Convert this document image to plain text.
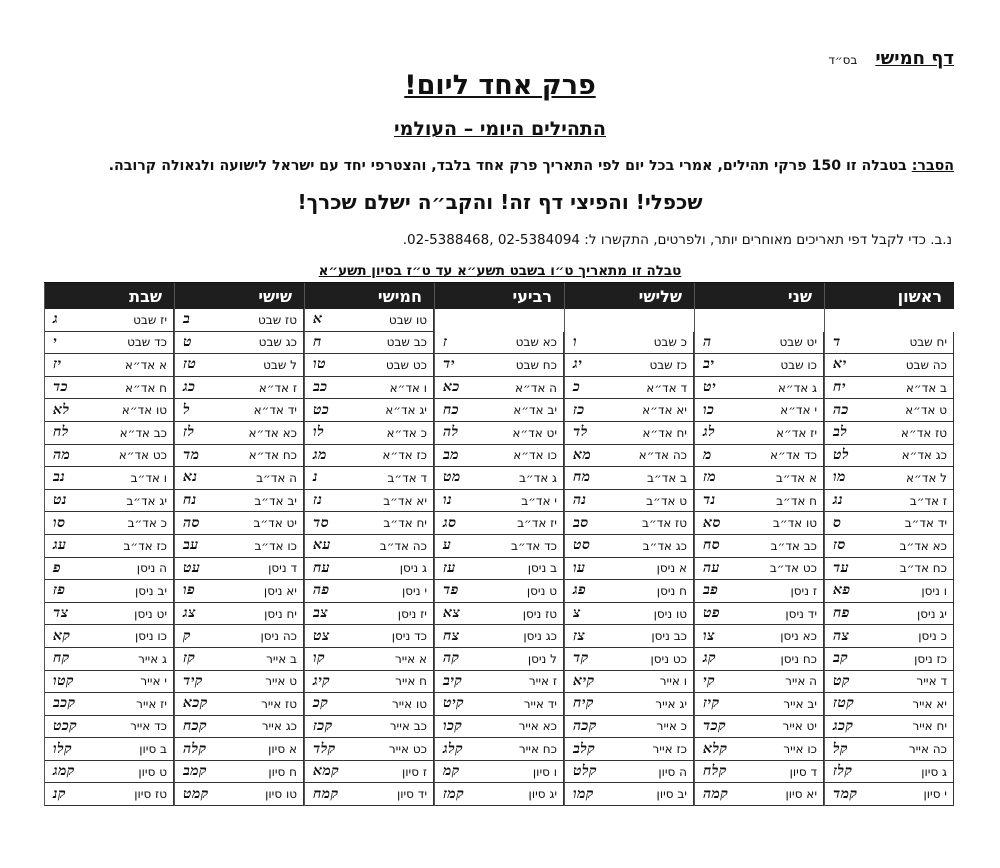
דף חמישי
בס״ד
פרק אחד ליום!
התהילים היומי – העולמי
הסבר: בטבלה זו 150 פרקי תהילים, אמרי בכל יום לפי התאריך פרק אחד בלבד, והצטרפי יחד עם ישראל לישועה ולגאולה קרובה.
שכפלי! והפיצי דף זה! והקב״ה ישלם שכרך!
נ.ב. כדי לקבל דפי תאריכים מאוחרים יותר, ולפרטים, התקשרו ל: 02-5384094 ,02-5388468.
טבלה זו מתאריך ט״ו בשבט תשע״א עד ט״ז בסיון תשע״א
ראשון
שני
שלישי
רביעי
חמישי
שישי
שבת
יח שבט
ד
כה שבט
יא
ב אד״א
יח
ט אד״א
כה
טז אד״א
לב
כג אד״א
לט
ל אד״א
מו
ז אד״ב
נג
יד אד״ב
ס
כא אד״ב
סז
כח אד״ב
עד
ו ניסן
פא
יג ניסן
פח
כ ניסן
צה
כז ניסן
קב
ד אייר
קט
יא אייר
קטז
יח אייר
קכג
כה אייר
קל
ג סיון
קלז
י סיון
קמד
יט שבט
ה
כו שבט
יב
ג אד״א
יט
י אד״א
כו
יז אד״א
לג
כד אד״א
מ
א אד״ב
מז
ח אד״ב
נד
טו אד״ב
סא
כב אד״ב
סח
כט אד״ב
עה
ז ניסן
פב
יד ניסן
פט
כא ניסן
צו
כח ניסן
קג
ה אייר
קי
יב אייר
קיז
יט אייר
קכד
כו אייר
קלא
ד סיון
קלח
יא סיון
קמה
כ שבט
ו
כז שבט
יג
ד אד״א
כ
יא אד״א
כז
יח אד״א
לד
כה אד״א
מא
ב אד״ב
מח
ט אד״ב
נה
טז אד״ב
סב
כג אד״ב
סט
א ניסן
עו
ח ניסן
פג
טו ניסן
צ
כב ניסן
צז
כט ניסן
קד
ו אייר
קיא
יג אייר
קיח
כ אייר
קכה
כז אייר
קלב
ה סיון
קלט
יב סיון
קמו
כא שבט
ז
כח שבט
יד
ה אד״א
כא
יב אד״א
כח
יט אד״א
לה
כו אד״א
מב
ג אד״ב
מט
י אד״ב
נו
יז אד״ב
סג
כד אד״ב
ע
ב ניסן
עז
ט ניסן
פד
טז ניסן
צא
כג ניסן
צח
ל ניסן
קה
ז אייר
קיב
יד אייר
קיט
כא אייר
קכו
כח אייר
קלג
ו סיון
קמ
יג סיון
קמז
טו שבט
א
כב שבט
ח
כט שבט
טו
ו אד״א
כב
יג אד״א
כט
כ אד״א
לו
כז אד״א
מג
ד אד״ב
נ
יא אד״ב
נז
יח אד״ב
סד
כה אד״ב
עא
ג ניסן
עח
י ניסן
פה
יז ניסן
צב
כד ניסן
צט
א אייר
קו
ח אייר
קיג
טו אייר
קכ
כב אייר
קכז
כט אייר
קלד
ז סיון
קמא
יד סיון
קמח
טז שבט
ב
כג שבט
ט
ל שבט
טז
ז אד״א
כג
יד אד״א
ל
כא אד״א
לז
כח אד״א
מד
ה אד״ב
נא
יב אד״ב
נח
יט אד״ב
סה
כו אד״ב
עב
ד ניסן
עט
יא ניסן
פו
יח ניסן
צג
כה ניסן
ק
ב אייר
קז
ט אייר
קיד
טז אייר
קכא
כג אייר
קכח
א סיון
קלה
ח סיון
קמב
טו סיון
קמט
יז שבט
ג
כד שבט
י
א אד״א
יז
ח אד״א
כד
טו אד״א
לא
כב אד״א
לח
כט אד״א
מה
ו אד״ב
נב
יג אד״ב
נט
כ אד״ב
סו
כז אד״ב
עג
ה ניסן
פ
יב ניסן
פז
יט ניסן
צד
כו ניסן
קא
ג אייר
קח
י אייר
קטו
יז אייר
קכב
כד אייר
קכט
ב סיון
קלו
ט סיון
קמג
טז סיון
קנ
